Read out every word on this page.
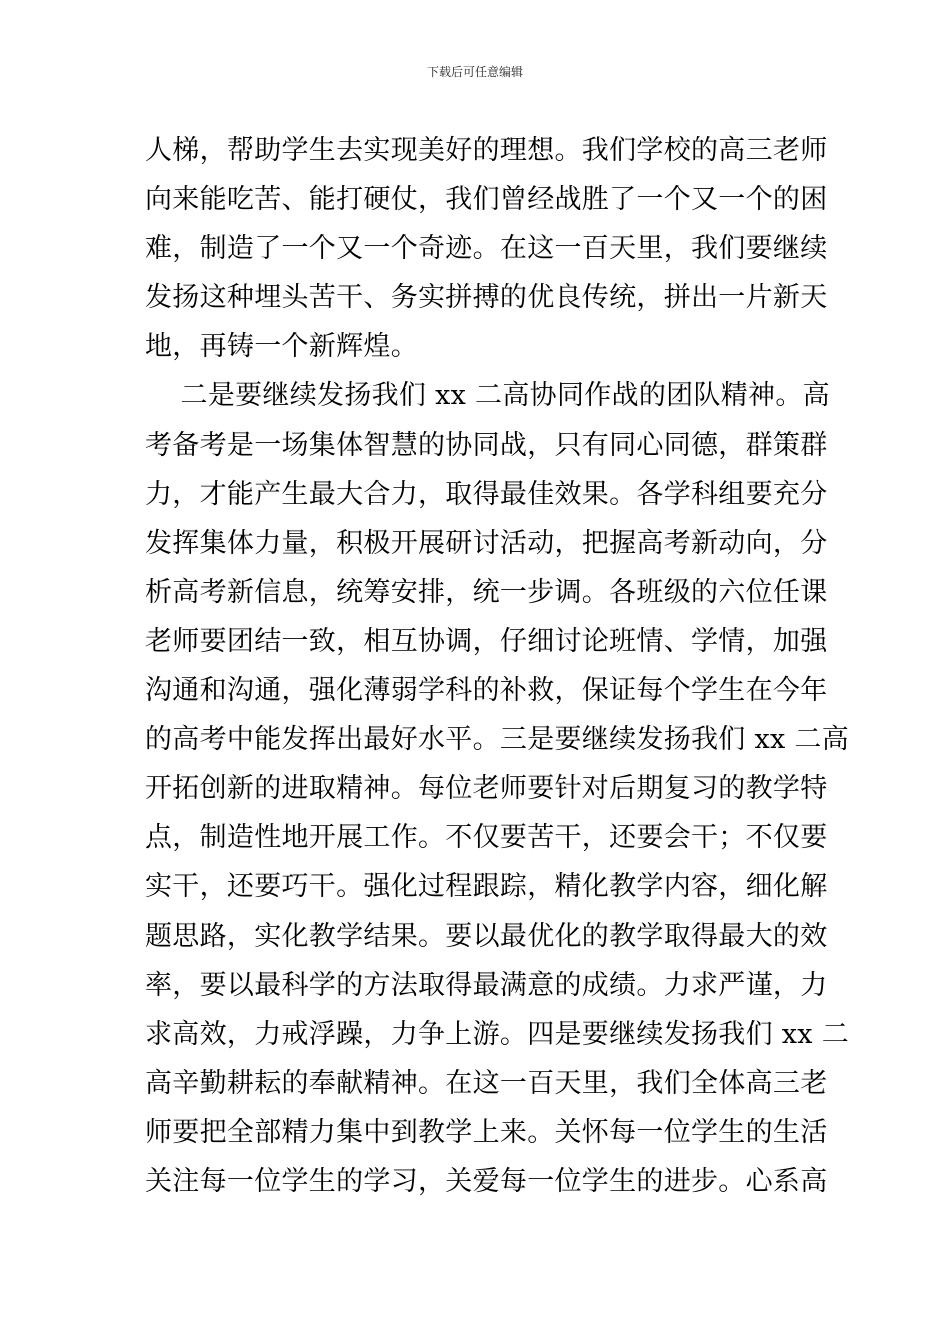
下载后可任意编辑
人梯，帮助学生去实现美好的理想。我们学校的高三老师
向来能吃苦、能打硬仗，我们曾经战胜了一个又一个的困
难，制造了一个又一个奇迹。在这一百天里，我们要继续
发扬这种埋头苦干、务实拼搏的优良传统，拼出一片新天
地，再铸一个新辉煌。
二是要继续发扬我们 xx 二高协同作战的团队精神。高
考备考是一场集体智慧的协同战，只有同心同德，群策群
力，才能产生最大合力，取得最佳效果。各学科组要充分
发挥集体力量，积极开展研讨活动，把握高考新动向，分
析高考新信息，统筹安排，统一步调。各班级的六位任课
老师要团结一致，相互协调，仔细讨论班情、学情，加强
沟通和沟通，强化薄弱学科的补救，保证每个学生在今年
的高考中能发挥出最好水平。三是要继续发扬我们 xx 二高
开拓创新的进取精神。每位老师要针对后期复习的教学特
点，制造性地开展工作。不仅要苦干，还要会干；不仅要
实干，还要巧干。强化过程跟踪，精化教学内容，细化解
题思路，实化教学结果。要以最优化的教学取得最大的效
率，要以最科学的方法取得最满意的成绩。力求严谨，力
求高效，力戒浮躁，力争上游。四是要继续发扬我们 xx 二
高辛勤耕耘的奉献精神。在这一百天里，我们全体高三老
师要把全部精力集中到教学上来。关怀每一位学生的生活
关注每一位学生的学习，关爱每一位学生的进步。心系高
